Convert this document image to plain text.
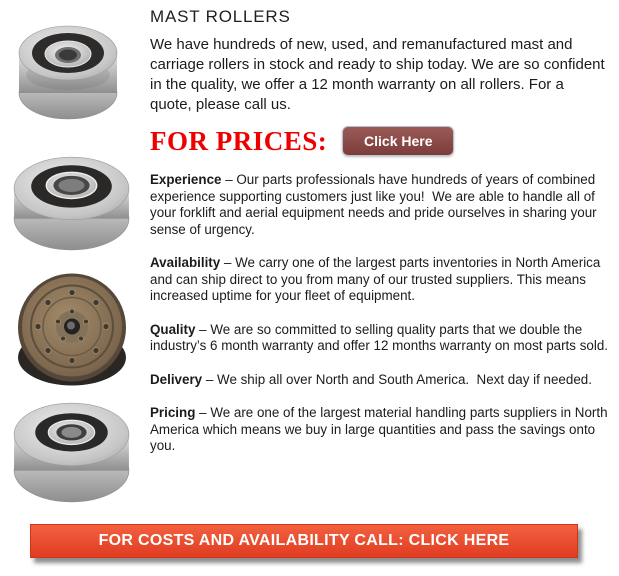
MAST ROLLERS

We have hundreds of new, used, and remanufactured mast and carriage rollers in stock and ready to ship today. We are so confident in the quality, we offer a 12 month warranty on all rollers. For a quote, please call us.

FOR PRICES:	Click Here

Experience – Our parts professionals have hundreds of years of combined experience supporting customers just like you!  We are able to handle all of your forklift and aerial equipment needs and pride ourselves in sharing your sense of urgency.

Availability – We carry one of the largest parts inventories in North America and can ship direct to you from many of our trusted suppliers. This means increased uptime for your fleet of equipment.

Quality – We are so committed to selling quality parts that we double the industry’s 6 month warranty and offer 12 months warranty on most parts sold.

Delivery – We ship all over North and South America.  Next day if needed.

Pricing – We are one of the largest material handling parts suppliers in North America which means we buy in large quantities and pass the savings onto you.

FOR COSTS AND AVAILABILITY CALL: CLICK HERE
